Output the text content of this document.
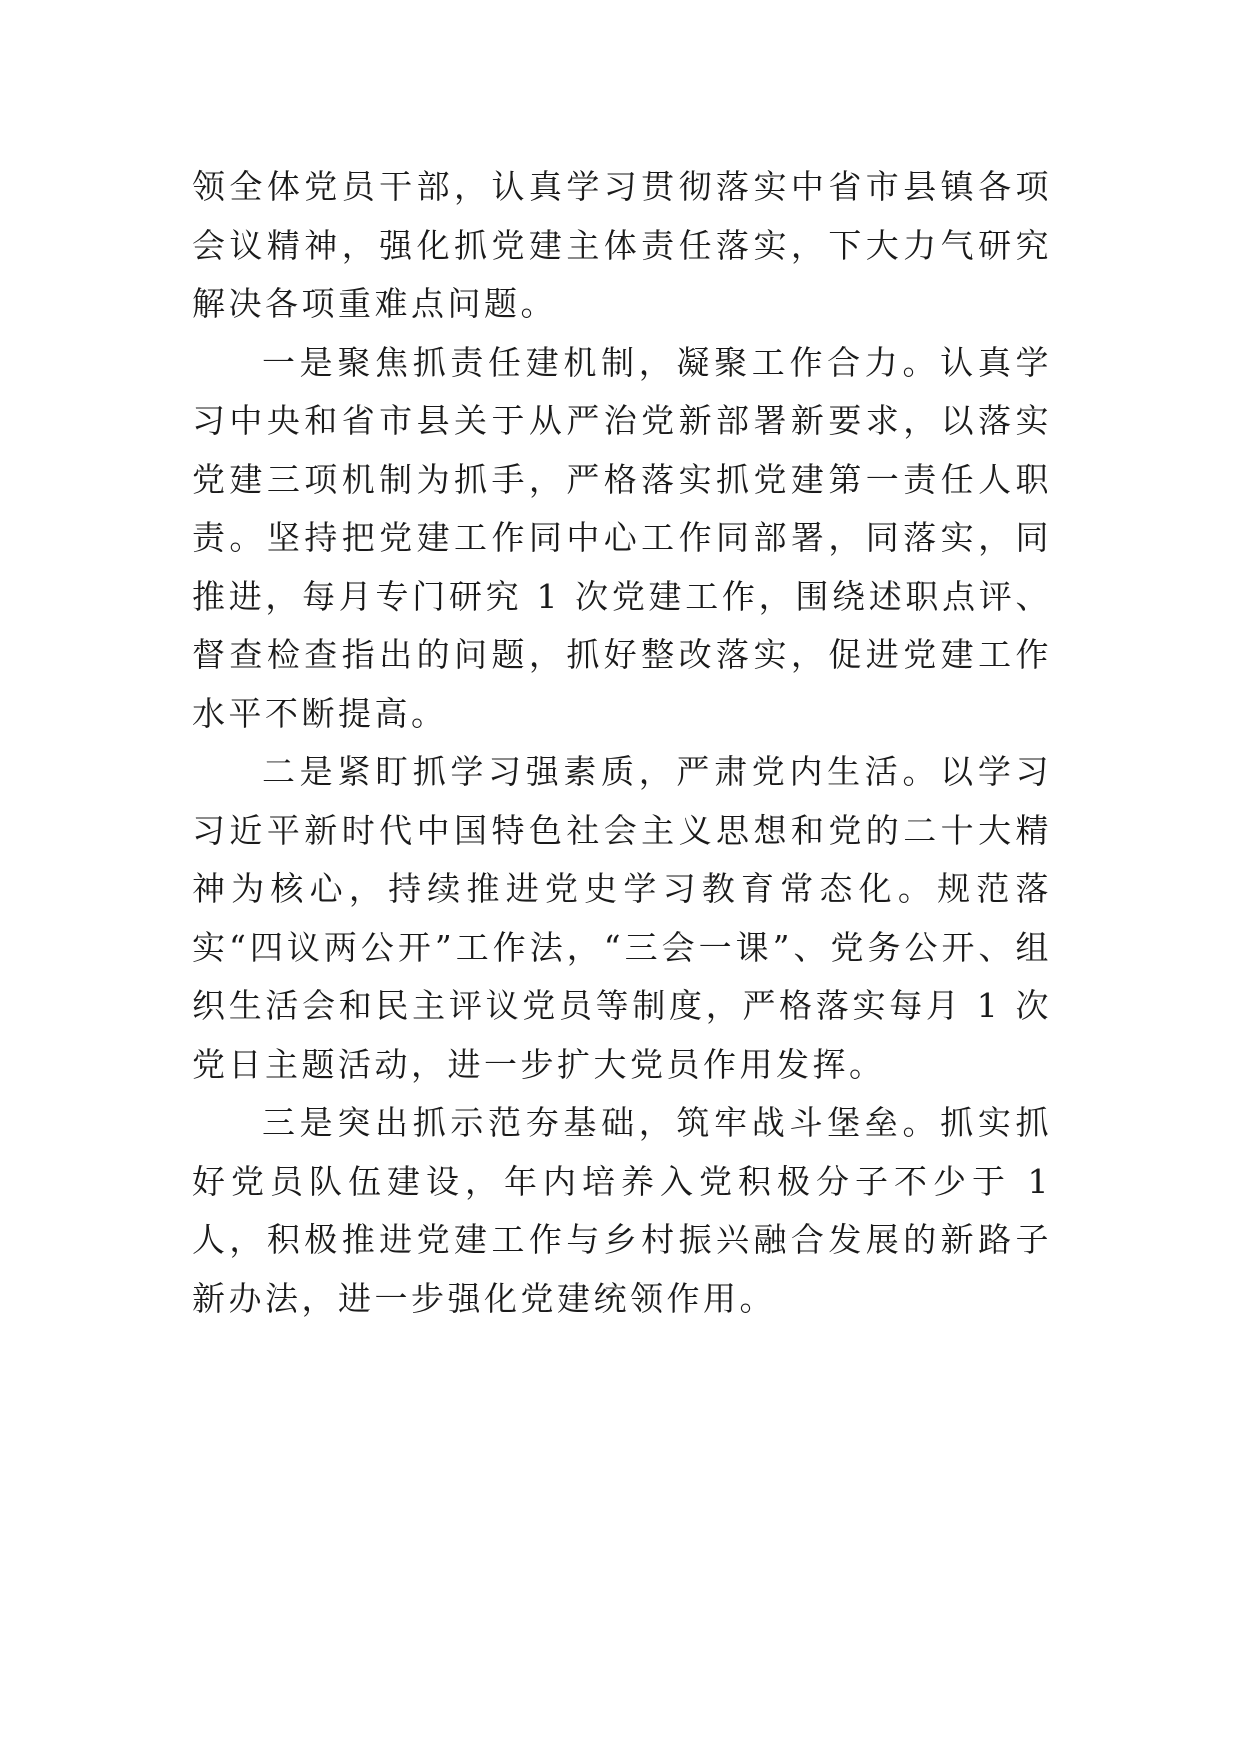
领全体党员干部，认真学习贯彻落实中省市县镇各项会议精神，强化抓党建主体责任落实，下大力气研究解决各项重难点问题。

一是聚焦抓责任建机制，凝聚工作合力。认真学习中央和省市县关于从严治党新部署新要求，以落实党建三项机制为抓手，严格落实抓党建第一责任人职责。坚持把党建工作同中心工作同部署，同落实，同推进，每月专门研究 1 次党建工作，围绕述职点评、督查检查指出的问题，抓好整改落实，促进党建工作水平不断提高。

二是紧盯抓学习强素质，严肃党内生活。以学习习近平新时代中国特色社会主义思想和党的二十大精神为核心，持续推进党史学习教育常态化。规范落实“四议两公开”工作法，“三会一课”、党务公开、组织生活会和民主评议党员等制度，严格落实每月 1 次党日主题活动，进一步扩大党员作用发挥。

三是突出抓示范夯基础，筑牢战斗堡垒。抓实抓好党员队伍建设，年内培养入党积极分子不少于 1 人，积极推进党建工作与乡村振兴融合发展的新路子新办法，进一步强化党建统领作用。
